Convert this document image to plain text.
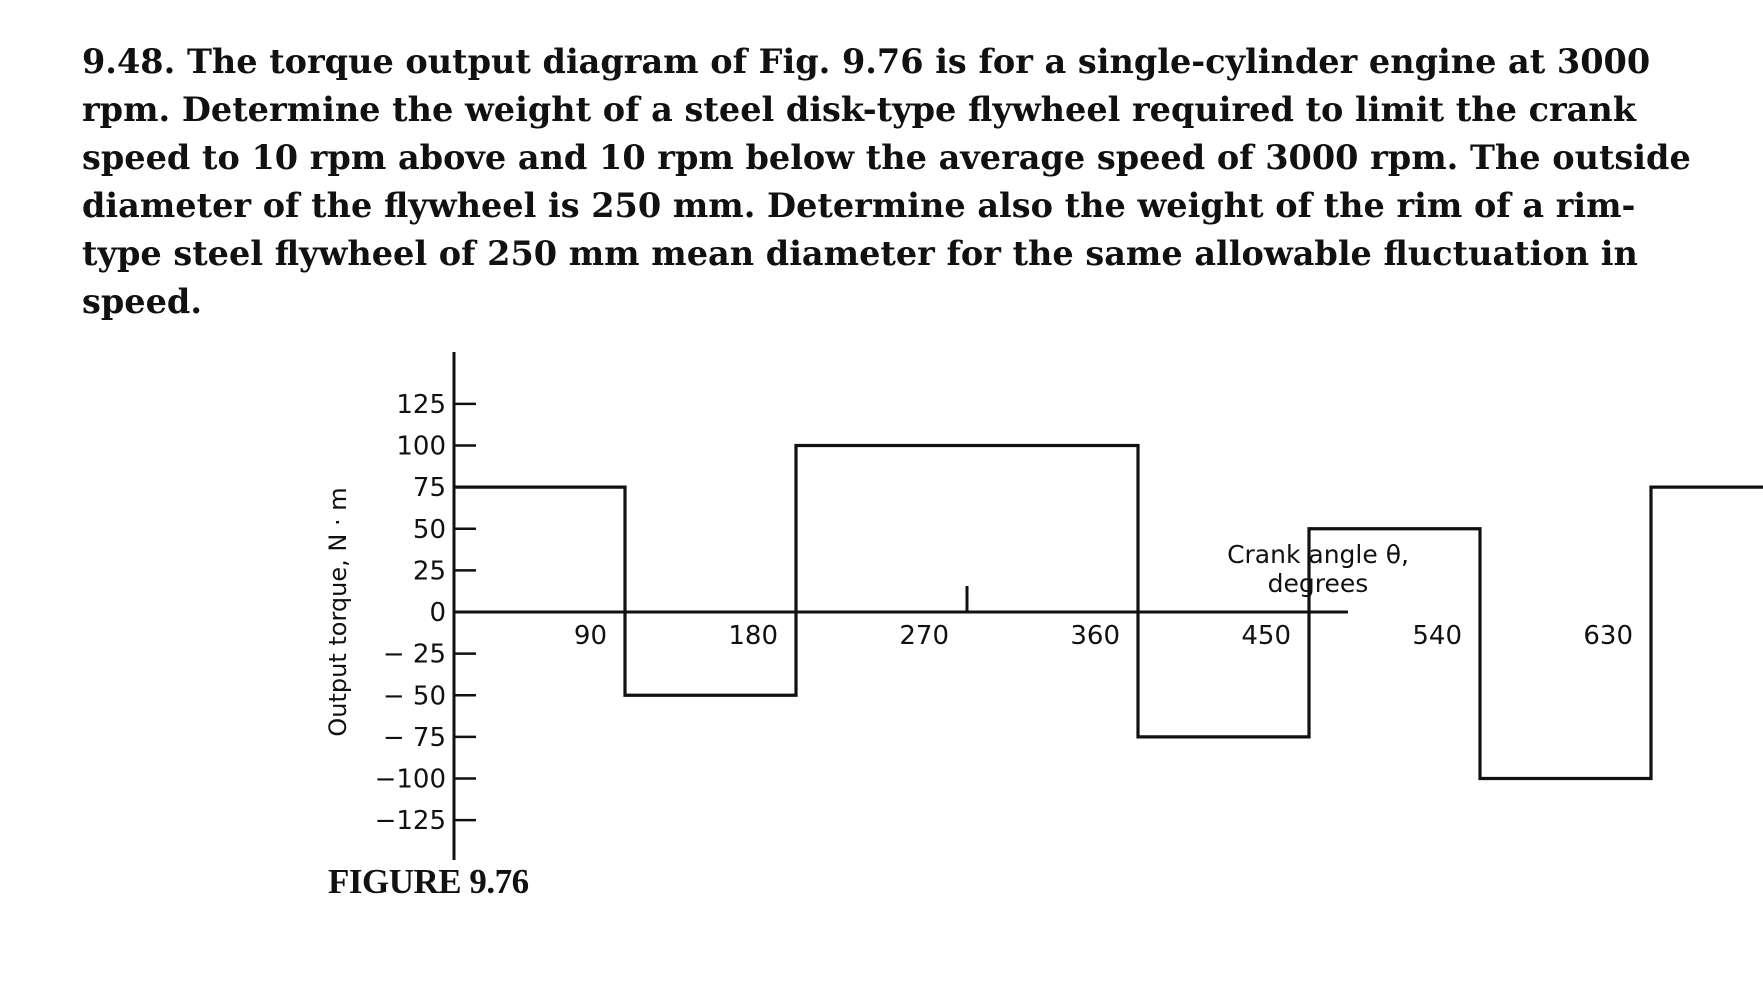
9.48. The torque output diagram of Fig. 9.76 is for a single-cylinder engine at 3000 rpm. Determine the weight of a steel disk-type flywheel required to limit the crank speed to 10 rpm above and 10 rpm below the average speed of 3000 rpm. The outside diameter of the flywheel is 250 mm. Determine also the weight of the rim of a rim-type steel flywheel of 250 mm mean diameter for the same allowable fluctuation in speed.

125
100
75
50
25
0
− 25
− 50
− 75
−100
−125
90	180	270	360	450	540	630
Output torque, N · m	Crank angle θ,
degrees
FIGURE 9.76
